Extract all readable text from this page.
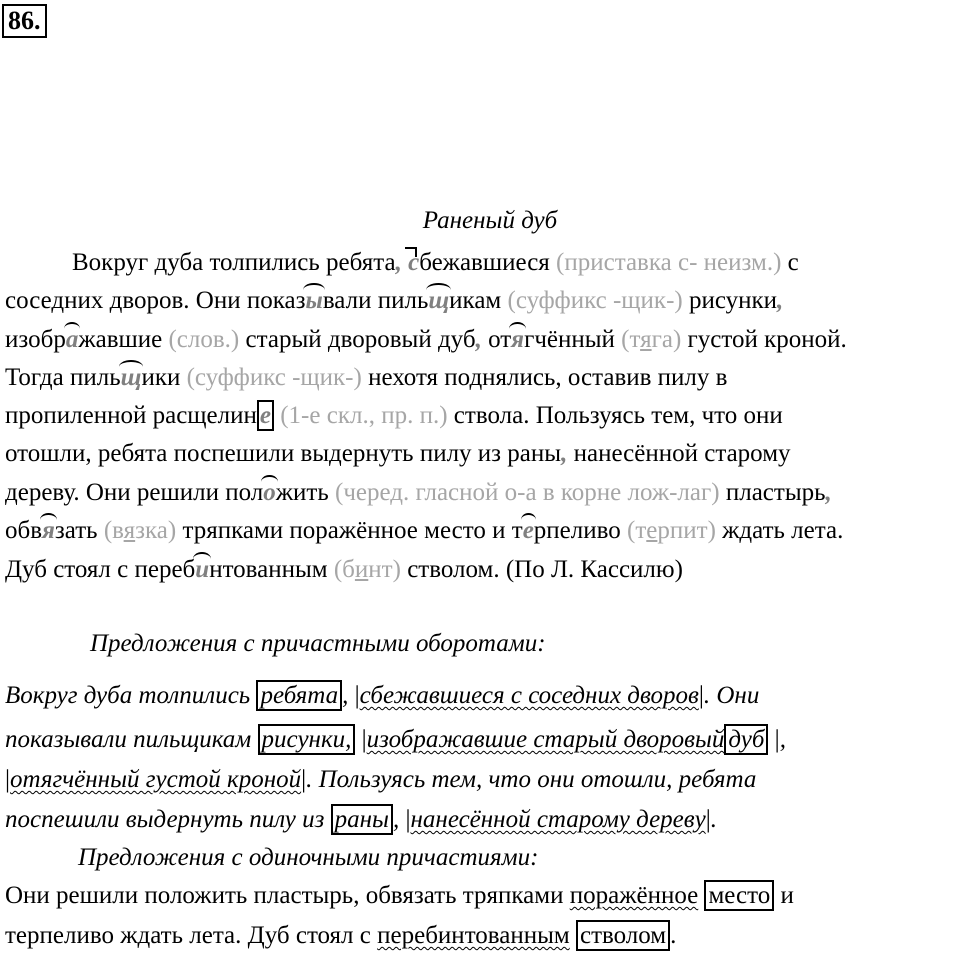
86.
Раненый дуб
Вокруг дуба толпились ребята, с
бежавшиеся (приставка с- неизм.) с
соседних дворов. Они показы
вали пильщ
икам (суффикс -щик-) рисунки,
изобра
жавшие (слов.) старый дворовый дуб, отя
гчённый (тяга) густой кроной.
Тогда пильщ
ики (суффикс -щик-) нехотя поднялись, оставив пилу в
пропиленной расщелин е (1-е скл., пр. п.) ствола. Пользуясь тем, что они
отошли, ребята поспешили выдернуть пилу из раны, нанесённой старому
дереву. Они решили поло
жить (черед. гласной о-а в корне лож-лаг) пластырь,
обвя
зать (вязка) тряпками поражённое место и те
рпеливо (терпит) ждать лета.
Дуб стоял с переби
нтованным (бинт) стволом. (По Л. Кассилю)
Предложения с причастными оборотами:
Вокруг дуба толпились ребята , |сбежавшиеся с соседних дворов|. Они
показывали пильщикам рисунки, |изображавшие старый дворовый дуб |,
|отягчённый густой кроной|. Пользуясь тем, что они отошли, ребята
поспешили выдернуть пилу из раны , |нанесённой старому дереву|.
Предложения с одиночными причастиями:
Они решили положить пластырь, обвязать тряпками поражённое место и
терпеливо ждать лета. Дуб стоял с перебинтованным стволом .
